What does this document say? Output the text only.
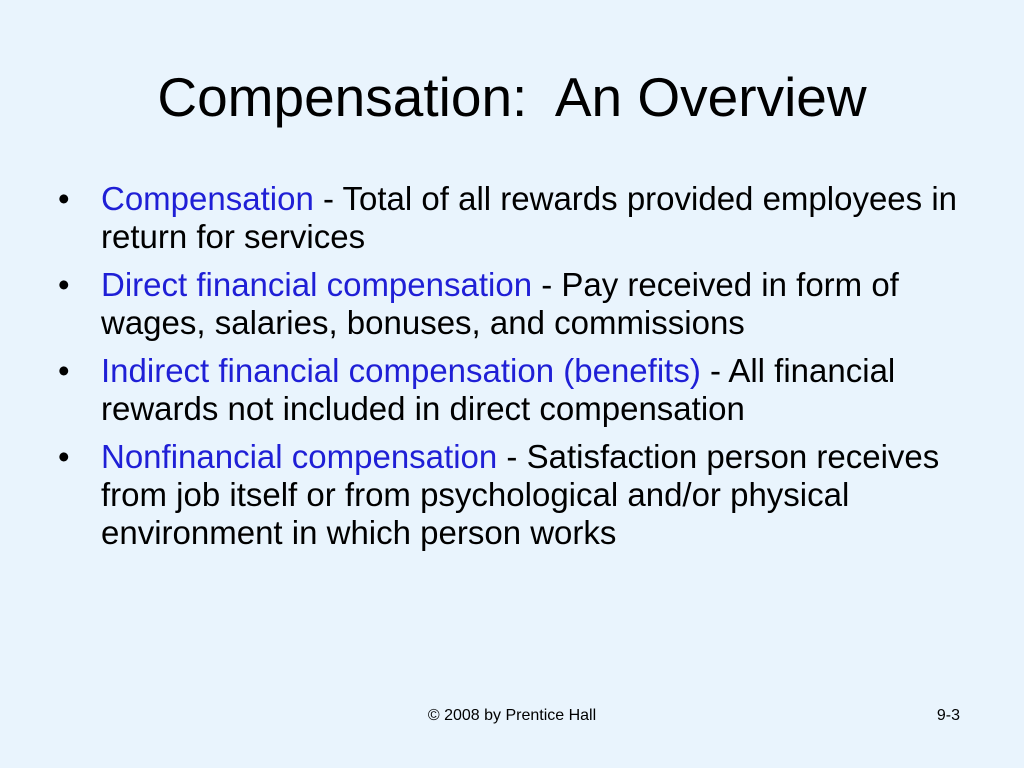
Compensation:  An Overview
• Compensation - Total of all rewards provided employees in return for services
• Direct financial compensation - Pay received in form of wages, salaries, bonuses, and commissions
• Indirect financial compensation (benefits) - All financial rewards not included in direct compensation
• Nonfinancial compensation - Satisfaction person receives from job itself or from psychological and/or physical environment in which person works
© 2008 by Prentice Hall	9-3
